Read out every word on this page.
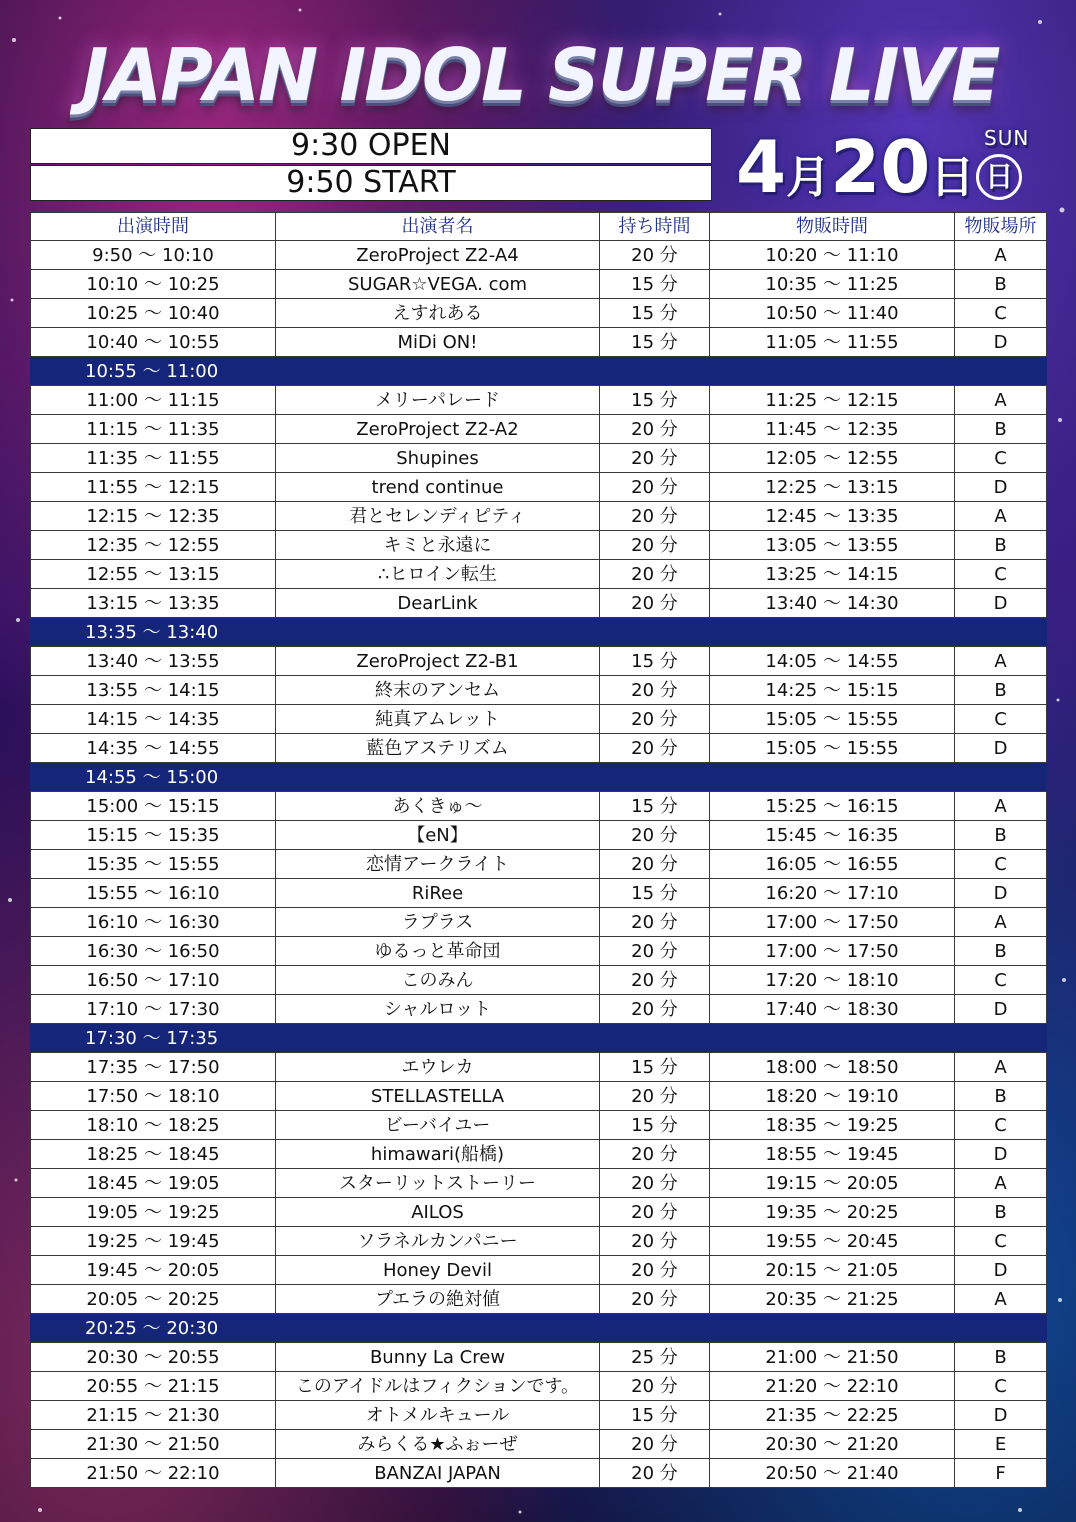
JAPAN IDOL SUPER LIVE
9:30 OPEN
9:50 START	4月20日 日
SUN
出演時間	出演者名	持ち時間	物販時間	物販場所
9:50 ～ 10:10	ZeroProject Z2-A4	20 分	10:20 ～ 11:10	A
10:10 ～ 10:25	SUGAR☆VEGA. com	15 分	10:35 ～ 11:25	B
10:25 ～ 10:40	えすれある	15 分	10:50 ～ 11:40	C
10:40 ～ 10:55	MiDi ON!	15 分	11:05 ～ 11:55	D
10:55 ～ 11:00				
11:00 ～ 11:15	メリーパレード	15 分	11:25 ～ 12:15	A
11:15 ～ 11:35	ZeroProject Z2-A2	20 分	11:45 ～ 12:35	B
11:35 ～ 11:55	Shupines	20 分	12:05 ～ 12:55	C
11:55 ～ 12:15	trend continue	20 分	12:25 ～ 13:15	D
12:15 ～ 12:35	君とセレンディピティ	20 分	12:45 ～ 13:35	A
12:35 ～ 12:55	キミと永遠に	20 分	13:05 ～ 13:55	B
12:55 ～ 13:15	∴ヒロイン転生	20 分	13:25 ～ 14:15	C
13:15 ～ 13:35	DearLink	20 分	13:40 ～ 14:30	D
13:35 ～ 13:40				
13:40 ～ 13:55	ZeroProject Z2-B1	15 分	14:05 ～ 14:55	A
13:55 ～ 14:15	終末のアンセム	20 分	14:25 ～ 15:15	B
14:15 ～ 14:35	純真アムレット	20 分	15:05 ～ 15:55	C
14:35 ～ 14:55	藍色アステリズム	20 分	15:05 ～ 15:55	D
14:55 ～ 15:00				
15:00 ～ 15:15	あくきゅ～	15 分	15:25 ～ 16:15	A
15:15 ～ 15:35	【eN】	20 分	15:45 ～ 16:35	B
15:35 ～ 15:55	恋情アークライト	20 分	16:05 ～ 16:55	C
15:55 ～ 16:10	RiRee	15 分	16:20 ～ 17:10	D
16:10 ～ 16:30	ラプラス	20 分	17:00 ～ 17:50	A
16:30 ～ 16:50	ゆるっと革命団	20 分	17:00 ～ 17:50	B
16:50 ～ 17:10	このみん	20 分	17:20 ～ 18:10	C
17:10 ～ 17:30	シャルロット	20 分	17:40 ～ 18:30	D
17:30 ～ 17:35				
17:35 ～ 17:50	エウレカ	15 分	18:00 ～ 18:50	A
17:50 ～ 18:10	STELLASTELLA	20 分	18:20 ～ 19:10	B
18:10 ～ 18:25	ビーバイユー	15 分	18:35 ～ 19:25	C
18:25 ～ 18:45	himawari(船橋)	20 分	18:55 ～ 19:45	D
18:45 ～ 19:05	スターリットストーリー	20 分	19:15 ～ 20:05	A
19:05 ～ 19:25	AILOS	20 分	19:35 ～ 20:25	B
19:25 ～ 19:45	ソラネルカンパニー	20 分	19:55 ～ 20:45	C
19:45 ～ 20:05	Honey Devil	20 分	20:15 ～ 21:05	D
20:05 ～ 20:25	プエラの絶対値	20 分	20:35 ～ 21:25	A
20:25 ～ 20:30				
20:30 ～ 20:55	Bunny La Crew	25 分	21:00 ～ 21:50	B
20:55 ～ 21:15	このアイドルはフィクションです。	20 分	21:20 ～ 22:10	C
21:15 ～ 21:30	オトメルキュール	15 分	21:35 ～ 22:25	D
21:30 ～ 21:50	みらくる★ふぉーぜ	20 分	20:30 ～ 21:20	E
21:50 ～ 22:10	BANZAI JAPAN	20 分	20:50 ～ 21:40	F
